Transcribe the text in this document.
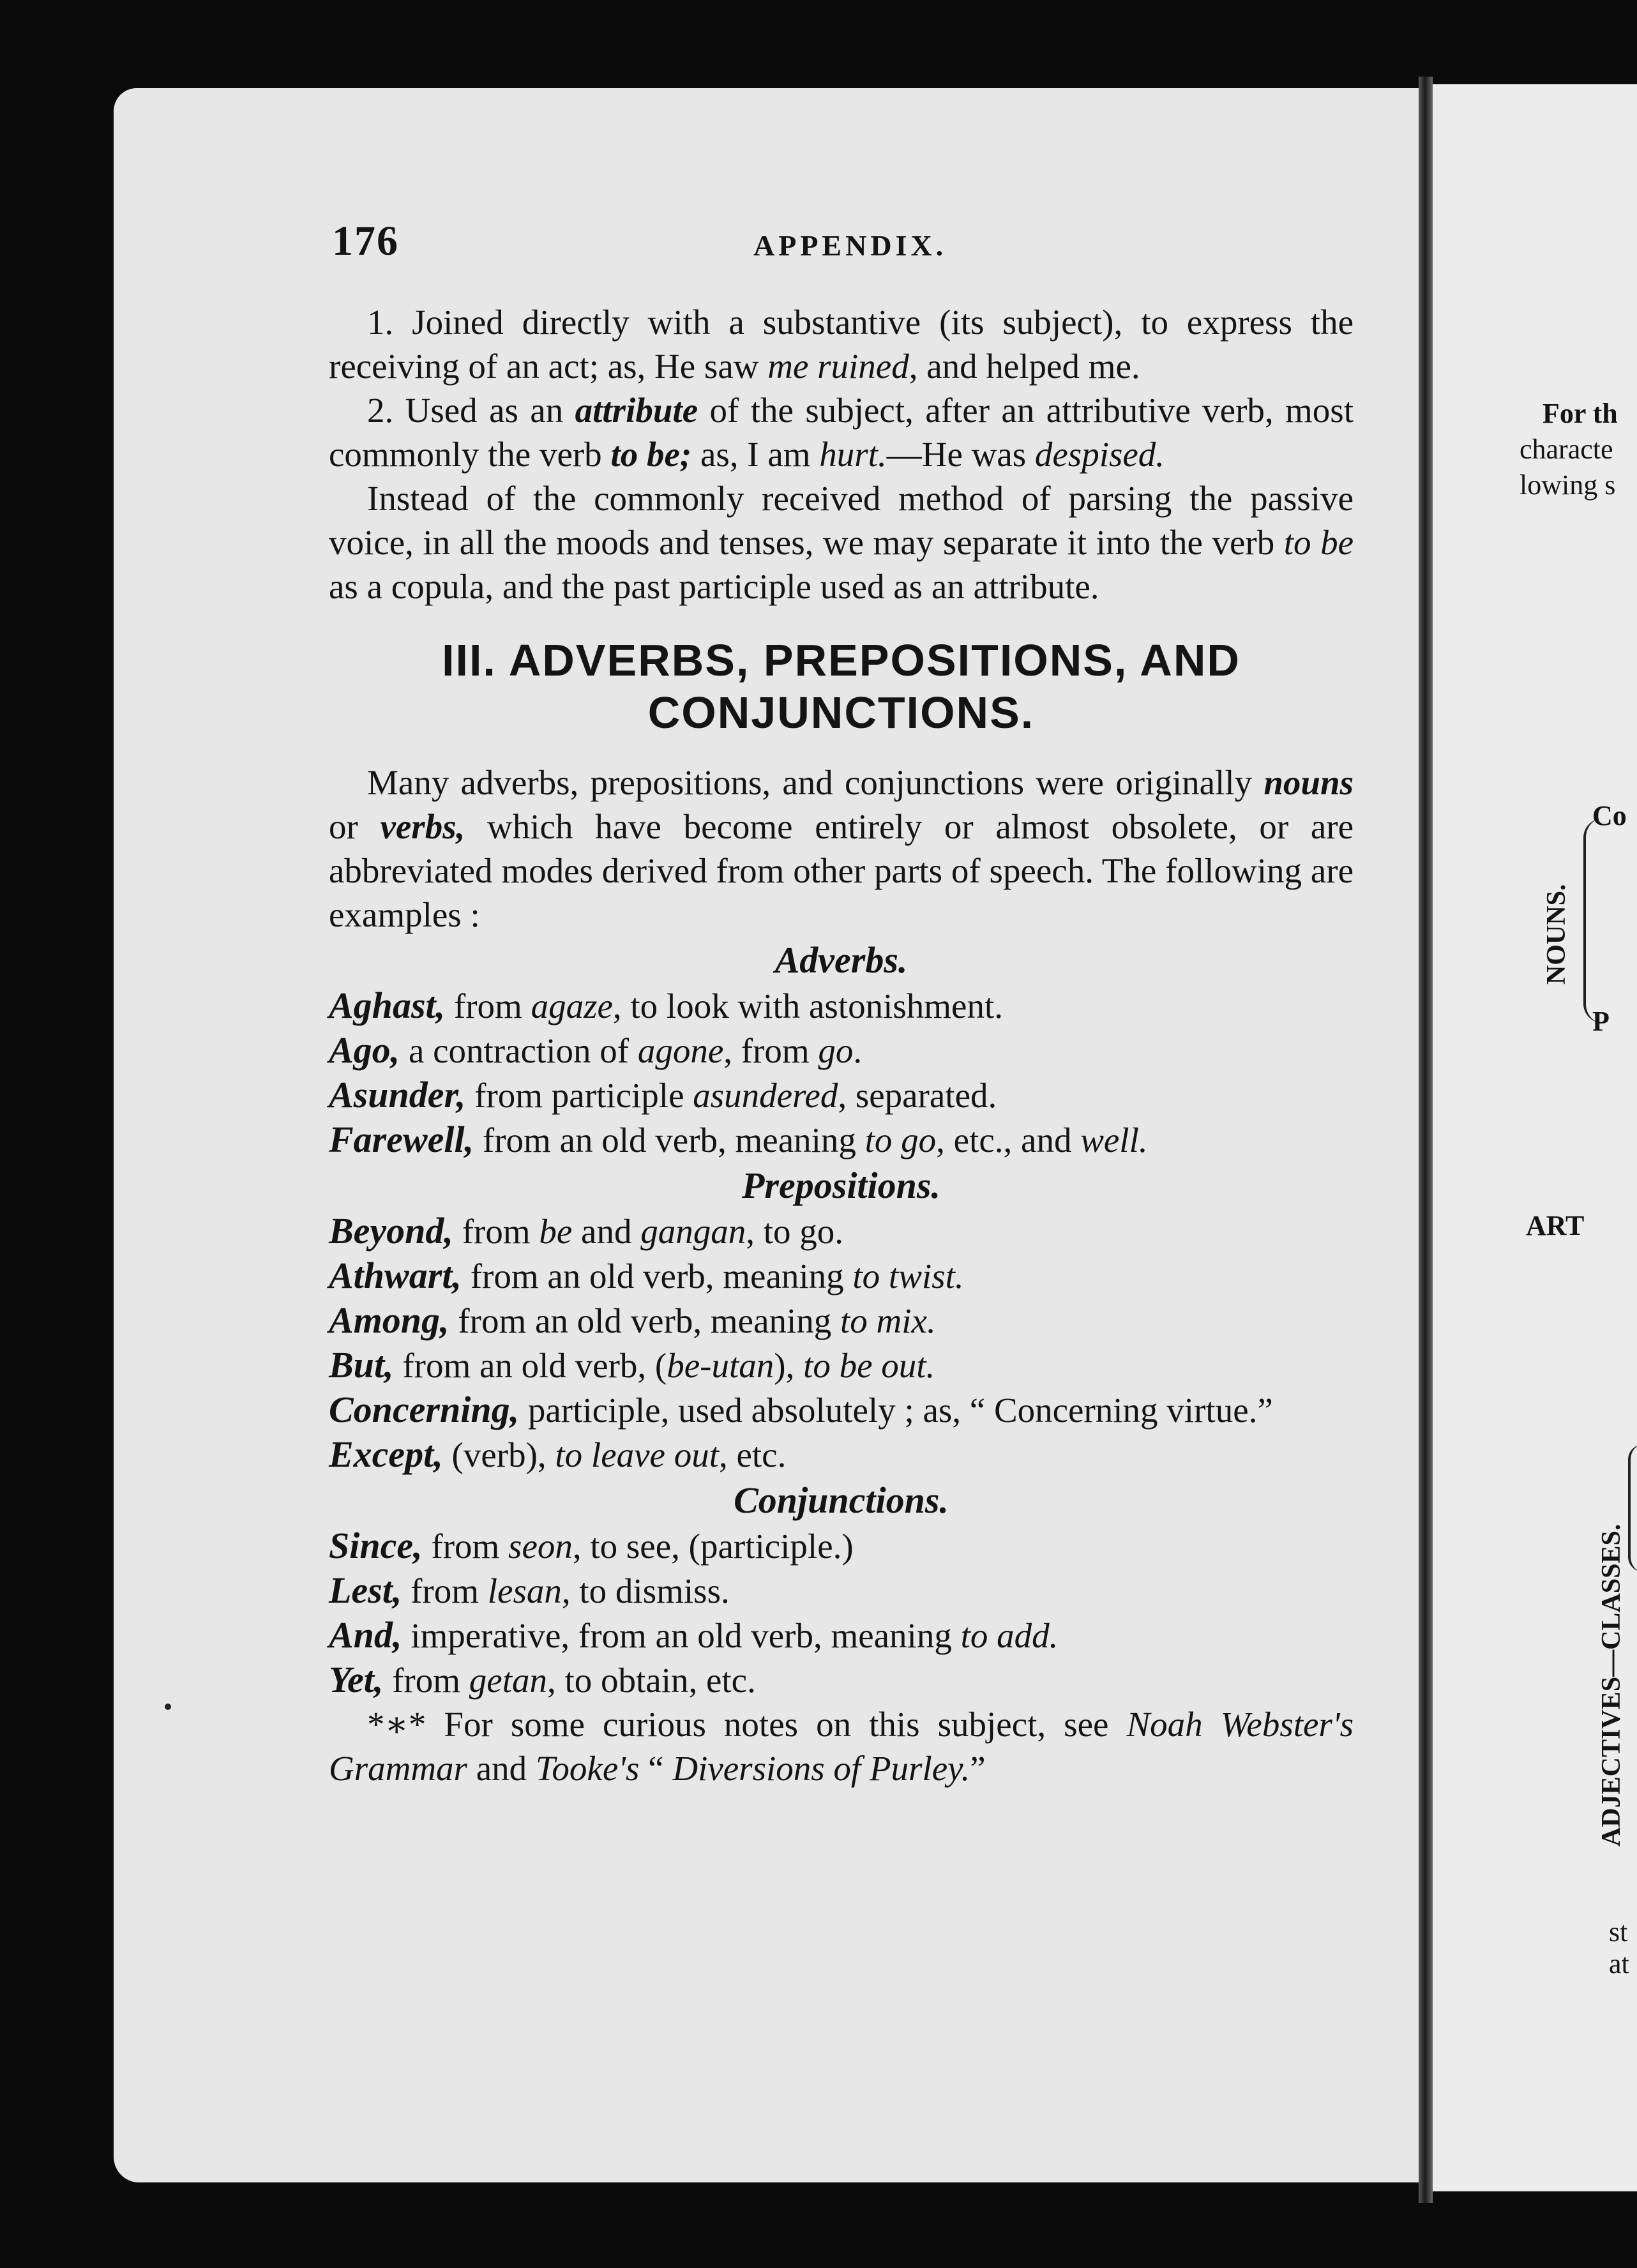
For th
characte
lowing s
Co
NOUNS.
P
ART
ADJECTIVES—CLASSES.
st
at
176	APPENDIX.

1. Joined directly with a substantive (its subject), to express the receiving of an act; as, He saw me ruined, and helped me.

2. Used as an attribute of the subject, after an attributive verb, most commonly the verb to be; as, I am hurt.—He was despised.

Instead of the commonly received method of parsing the passive voice, in all the moods and tenses, we may separate it into the verb to be as a copula, and the past participle used as an attribute.

III. ADVERBS, PREPOSITIONS, AND
CONJUNCTIONS.

Many adverbs, prepositions, and conjunctions were originally nouns or verbs, which have become entirely or almost obsolete, or are abbreviated modes derived from other parts of speech. The following are examples :

Adverbs.

Aghast, from agaze, to look with astonishment.

Ago, a contraction of agone, from go.

Asunder, from participle asundered, separated.

Farewell, from an old verb, meaning to go, etc., and well.

Prepositions.

Beyond, from be and gangan, to go.

Athwart, from an old verb, meaning to twist.

Among, from an old verb, meaning to mix.

But, from an old verb, (be-utan), to be out.

Concerning, participle, used absolutely ; as, “ Concerning virtue.”

Except, (verb), to leave out, etc.

Conjunctions.

Since, from seon, to see, (participle.)

Lest, from lesan, to dismiss.

And, imperative, from an old verb, meaning to add.

Yet, from getan, to obtain, etc.

*∗* For some curious notes on this subject, see Noah Webster's Grammar and Tooke's “ Diversions of Purley.”
